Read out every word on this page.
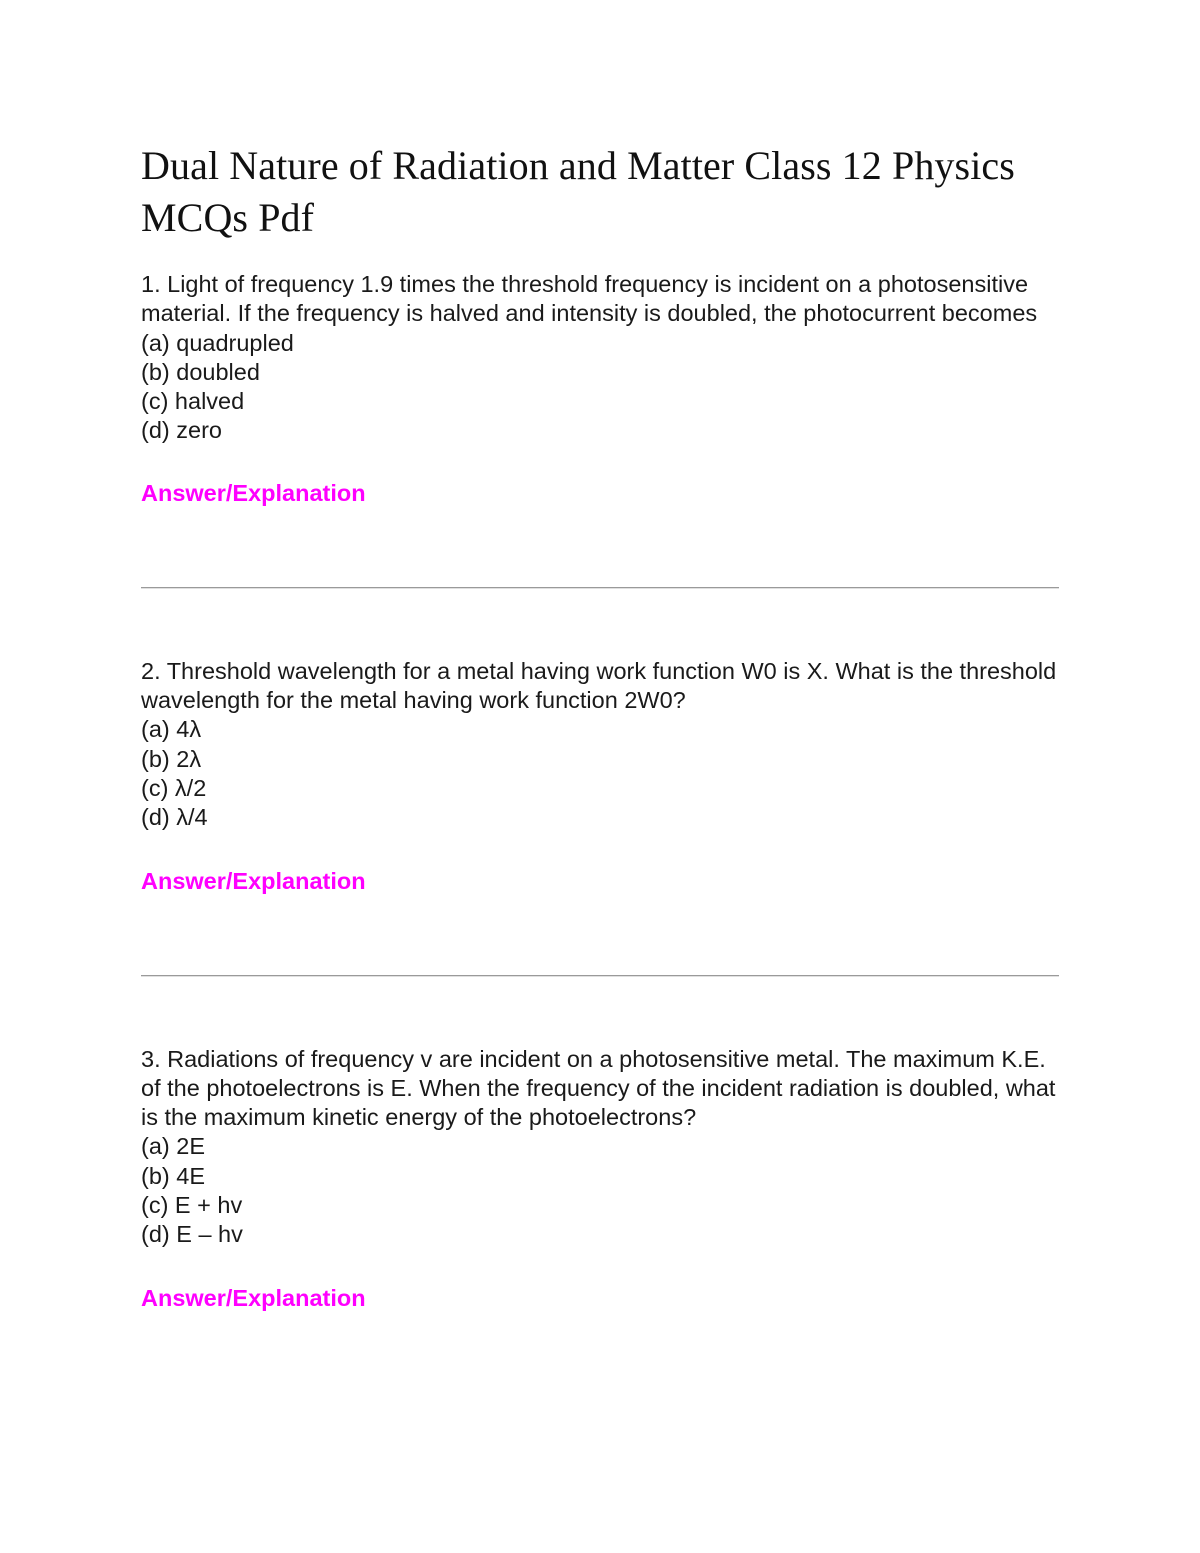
Dual Nature of Radiation and Matter Class 12 Physics MCQs Pdf

1. Light of frequency 1.9 times the threshold frequency is incident on a photosensitive material. If the frequency is halved and intensity is doubled, the photocurrent becomes

(a) quadrupled
(b) doubled
(c) halved
(d) zero
Answer/Explanation

2. Threshold wavelength for a metal having work function W0 is X. What is the threshold wavelength for the metal having work function 2W0?

(a) 4λ
(b) 2λ
(c) λ/2
(d) λ/4
Answer/Explanation

3. Radiations of frequency v are incident on a photosensitive metal. The maximum K.E. of the photoelectrons is E. When the frequency of the incident radiation is doubled, what is the maximum kinetic energy of the photoelectrons?

(a) 2E
(b) 4E
(c) E + hv
(d) E – hv
Answer/Explanation
